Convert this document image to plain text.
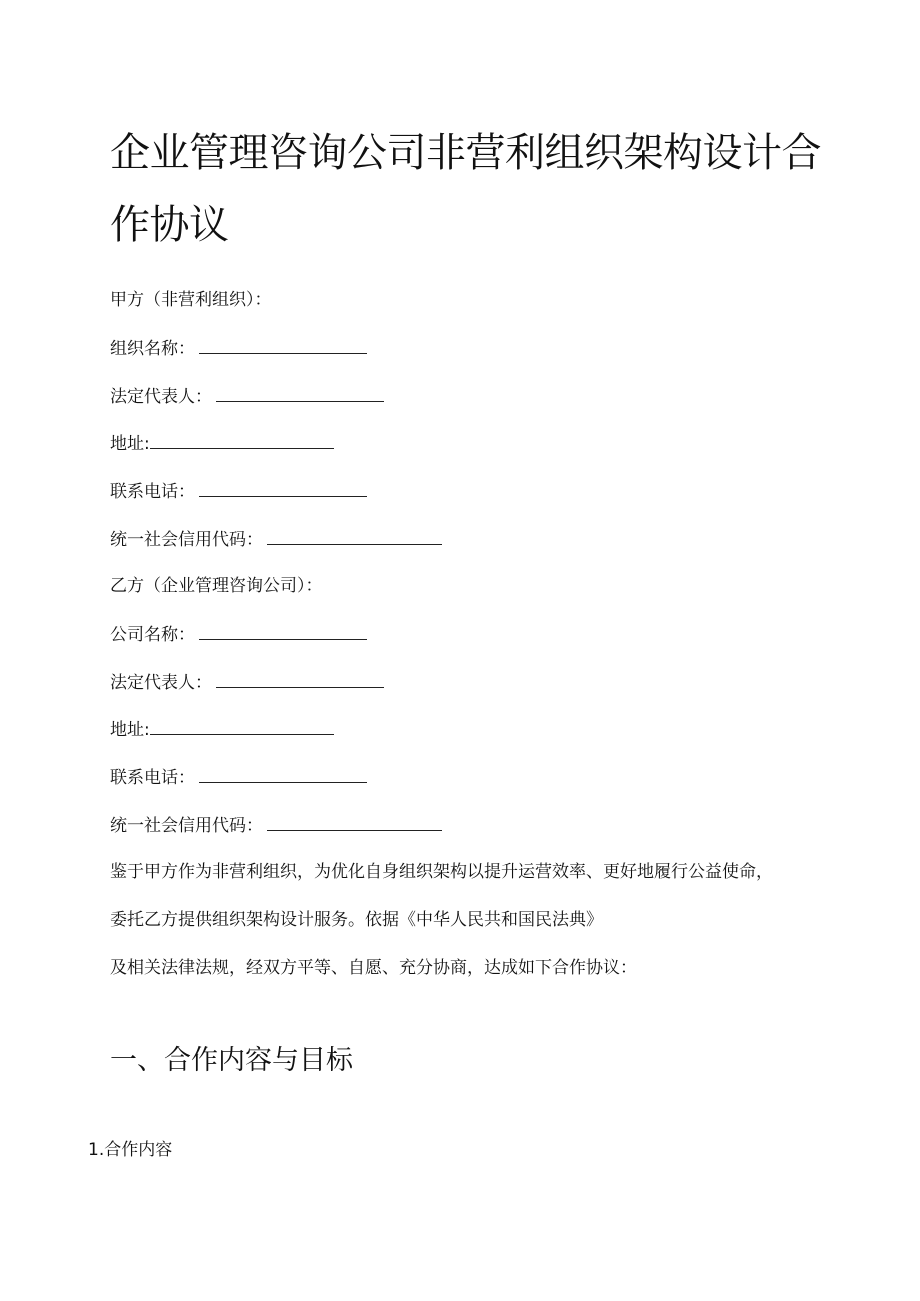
企业管理咨询公司非营利组织架构设计合
作协议
甲方（非营利组织）：
组织名称：
法定代表人：
地址:
联系电话：
统一社会信用代码：
乙方（企业管理咨询公司）：
公司名称：
法定代表人：
地址:
联系电话：
统一社会信用代码：
鉴于甲方作为非营利组织，为优化自身组织架构以提升运营效率、更好地履行公益使命，
委托乙方提供组织架构设计服务。依据《中华人民共和国民法典》
及相关法律法规，经双方平等、自愿、充分协商，达成如下合作协议：
一、合作内容与目标
1.合作内容
